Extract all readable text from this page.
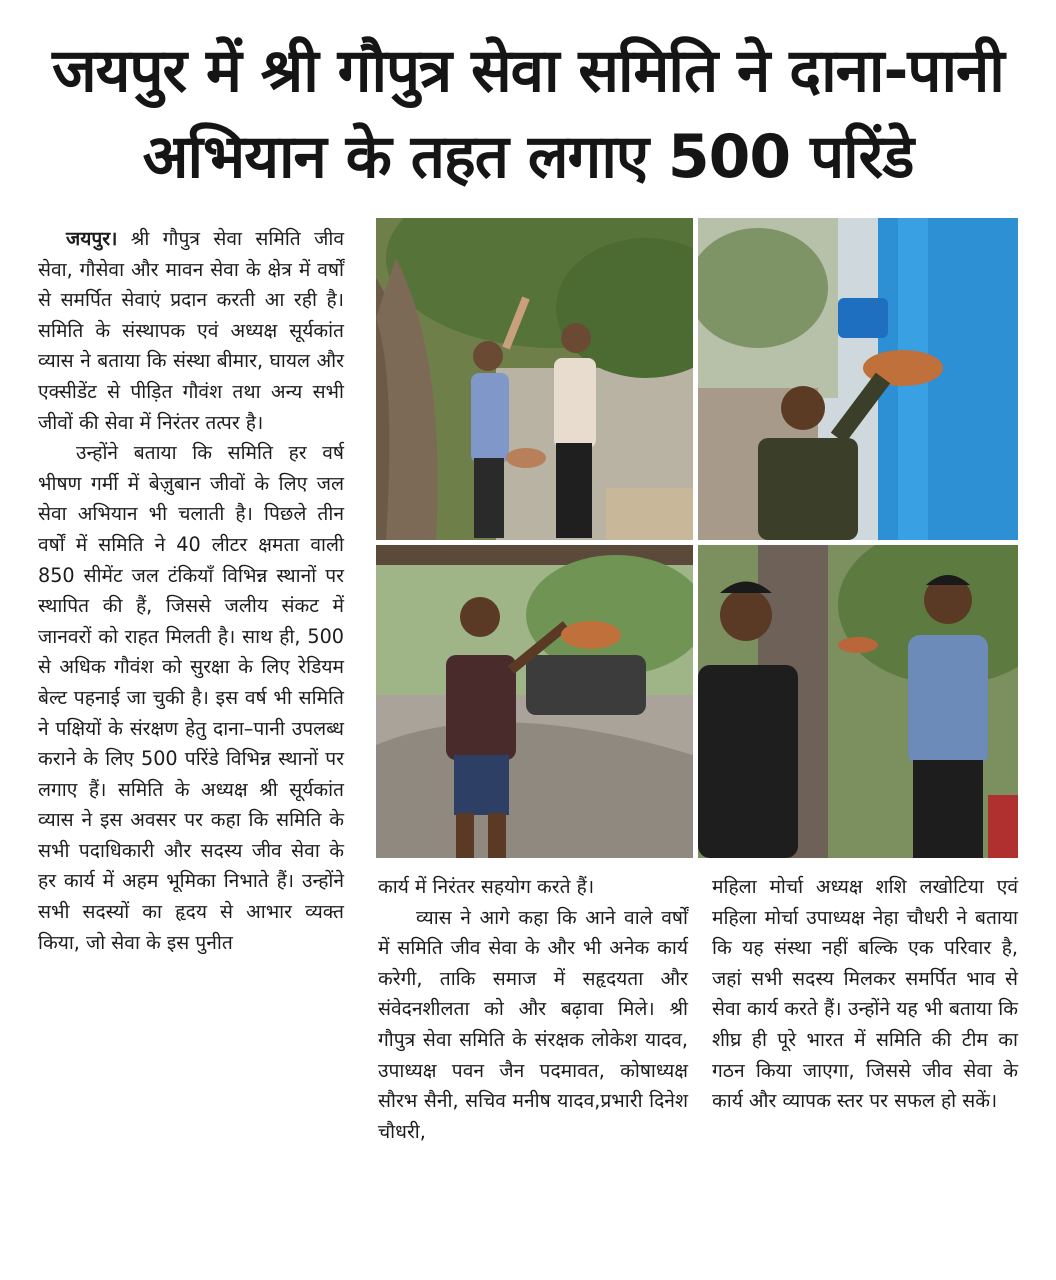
जयपुर में श्री गौपुत्र सेवा समिति ने दाना-पानी
अभियान के तहत लगाए 500 परिंडे

जयपुर। श्री गौपुत्र सेवा समिति जीव सेवा, गौसेवा और मावन सेवा के क्षेत्र में वर्षों से समर्पित सेवाएं प्रदान करती आ रही है। समिति के संस्थापक एवं अध्यक्ष सूर्यकांत व्यास ने बताया कि संस्था बीमार, घायल और एक्सीडेंट से पीड़ित गौवंश तथा अन्य सभी जीवों की सेवा में निरंतर तत्पर है।

उन्होंने बताया कि समिति हर वर्ष भीषण गर्मी में बेज़ुबान जीवों के लिए जल सेवा अभियान भी चलाती है। पिछले तीन वर्षों में समिति ने 40 लीटर क्षमता वाली 850 सीमेंट जल टंकियाँ विभिन्न स्थानों पर स्थापित की हैं, जिससे जलीय संकट में जानवरों को राहत मिलती है। साथ ही, 500 से अधिक गौवंश को सुरक्षा के लिए रेडियम बेल्ट पहनाई जा चुकी है। इस वर्ष भी समिति ने पक्षियों के संरक्षण हेतु दाना–पानी उपलब्ध कराने के लिए 500 परिंडे विभिन्न स्थानों पर लगाए हैं। समिति के अध्यक्ष श्री सूर्यकांत व्यास ने इस अवसर पर कहा कि समिति के सभी पदाधिकारी और सदस्य जीव सेवा के हर कार्य में अहम भूमिका निभाते हैं। उन्होंने सभी सदस्यों का हृदय से आभार व्यक्त किया, जो सेवा के इस पुनीत

कार्य में निरंतर सहयोग करते हैं।

व्यास ने आगे कहा कि आने वाले वर्षों में समिति जीव सेवा के और भी अनेक कार्य करेगी, ताकि समाज में सहृदयता और संवेदनशीलता को और बढ़ावा मिले। श्री गौपुत्र सेवा समिति के संरक्षक लोकेश यादव, उपाध्यक्ष पवन जैन पदमावत, कोषाध्यक्ष सौरभ सैनी, सचिव मनीष यादव,प्रभारी दिनेश चौधरी,

महिला मोर्चा अध्यक्ष शशि लखोटिया एवं महिला मोर्चा उपाध्यक्ष नेहा चौधरी ने बताया कि यह संस्था नहीं बल्कि एक परिवार है, जहां सभी सदस्य मिलकर समर्पित भाव से सेवा कार्य करते हैं। उन्होंने यह भी बताया कि शीघ्र ही पूरे भारत में समिति की टीम का गठन किया जाएगा, जिससे जीव सेवा के कार्य और व्यापक स्तर पर सफल हो सकें।
